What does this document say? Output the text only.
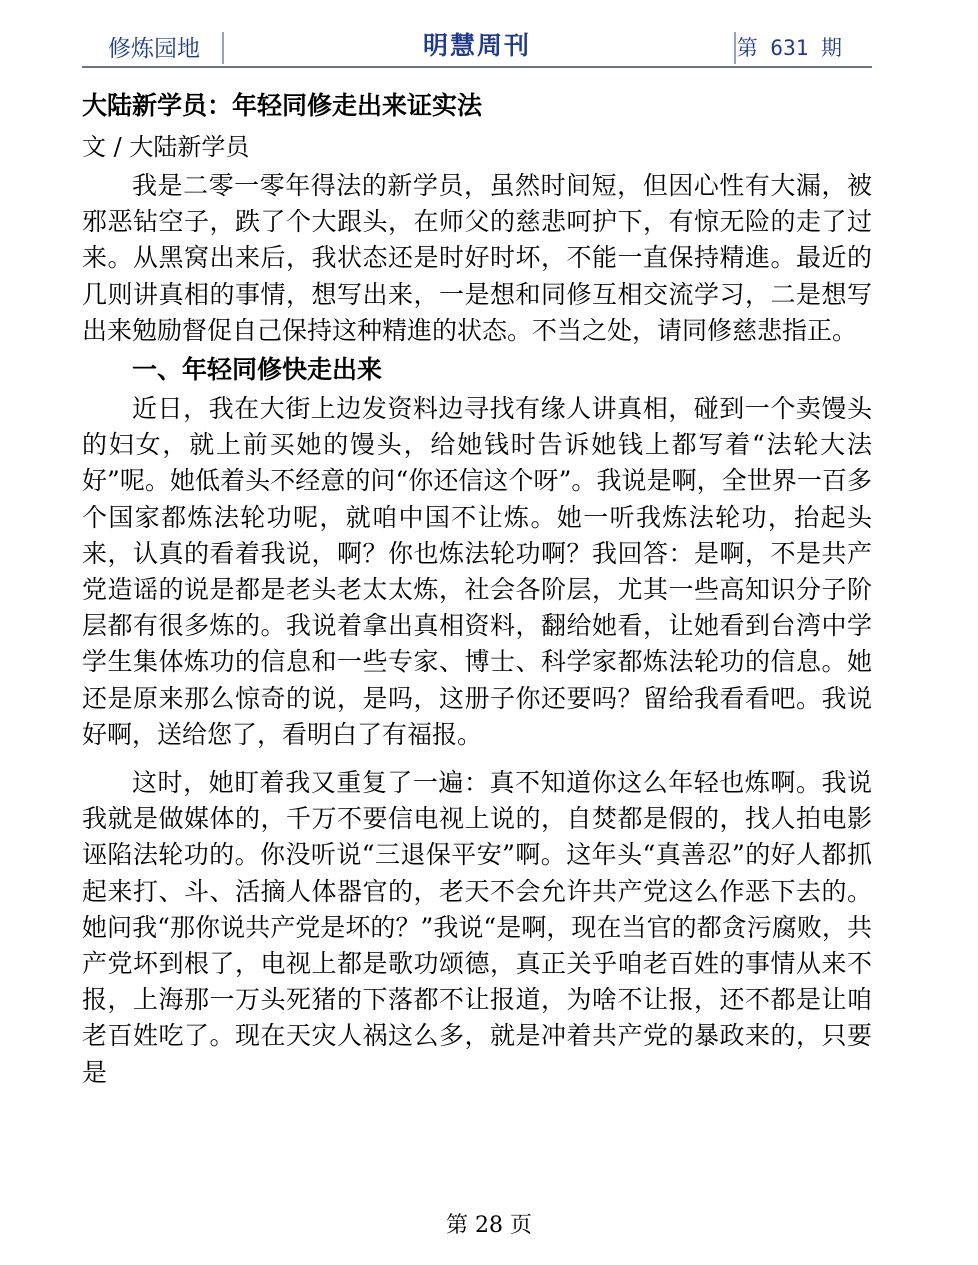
修炼园地	明慧周刊	第 631 期
大陆新学员：年轻同修走出来证实法

文 / 大陆新学员

我是二零一零年得法的新学员，虽然时间短，但因心性有大漏，被邪恶钻空子，跌了个大跟头，在师父的慈悲呵护下，有惊无险的走了过来。从黑窝出来后，我状态还是时好时坏，不能一直保持精進。最近的几则讲真相的事情，想写出来，一是想和同修互相交流学习，二是想写出来勉励督促自己保持这种精進的状态。不当之处，请同修慈悲指正。

一、年轻同修快走出来

近日，我在大街上边发资料边寻找有缘人讲真相，碰到一个卖馒头的妇女，就上前买她的馒头，给她钱时告诉她钱上都写着“法轮大法好”呢。她低着头不经意的问“你还信这个呀”。我说是啊，全世界一百多个国家都炼法轮功呢，就咱中国不让炼。她一听我炼法轮功，抬起头来，认真的看着我说，啊？你也炼法轮功啊？我回答：是啊，不是共产党造谣的说是都是老头老太太炼，社会各阶层，尤其一些高知识分子阶层都有很多炼的。我说着拿出真相资料，翻给她看，让她看到台湾中学学生集体炼功的信息和一些专家、博士、科学家都炼法轮功的信息。她还是原来那么惊奇的说，是吗，这册子你还要吗？留给我看看吧。我说好啊，送给您了，看明白了有福报。

这时，她盯着我又重复了一遍：真不知道你这么年轻也炼啊。我说我就是做媒体的，千万不要信电视上说的，自焚都是假的，找人拍电影诬陷法轮功的。你没听说“三退保平安”啊。这年头“真善忍”的好人都抓起来打、斗、活摘人体器官的，老天不会允许共产党这么作恶下去的。她问我“那你说共产党是坏的？”我说“是啊，现在当官的都贪污腐败，共产党坏到根了，电视上都是歌功颂德，真正关乎咱老百姓的事情从来不报，上海那一万头死猪的下落都不让报道，为啥不让报，还不都是让咱老百姓吃了。现在天灾人祸这么多，就是冲着共产党的暴政来的，只要是

第 28 页
